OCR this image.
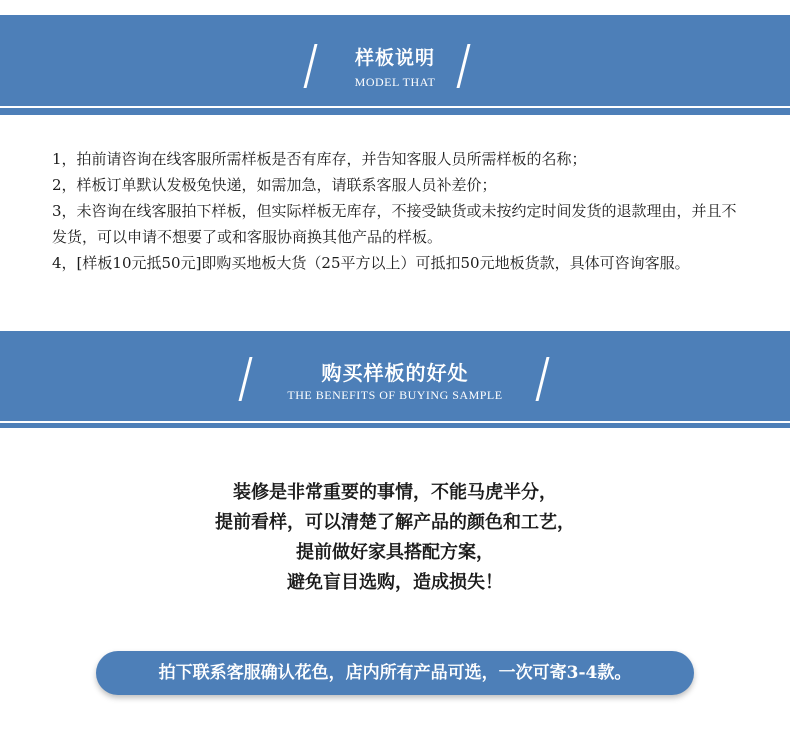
样板说明
MODEL THAT
1，拍前请咨询在线客服所需样板是否有库存，并告知客服人员所需样板的名称；
2，样板订单默认发极兔快递，如需加急，请联系客服人员补差价；
3，未咨询在线客服拍下样板，但实际样板无库存，不接受缺货或未按约定时间发货的退款理由，并且不发货，可以申请不想要了或和客服协商换其他产品的样板。
4，[样板10元抵50元]即购买地板大货（25平方以上）可抵扣50元地板货款，具体可咨询客服。
购买样板的好处
THE BENEFITS OF BUYING SAMPLE
装修是非常重要的事情，不能马虎半分，
提前看样，可以清楚了解产品的颜色和工艺，
提前做好家具搭配方案，
避免盲目选购，造成损失！
拍下联系客服确认花色，店内所有产品可选，一次可寄3-4款。
